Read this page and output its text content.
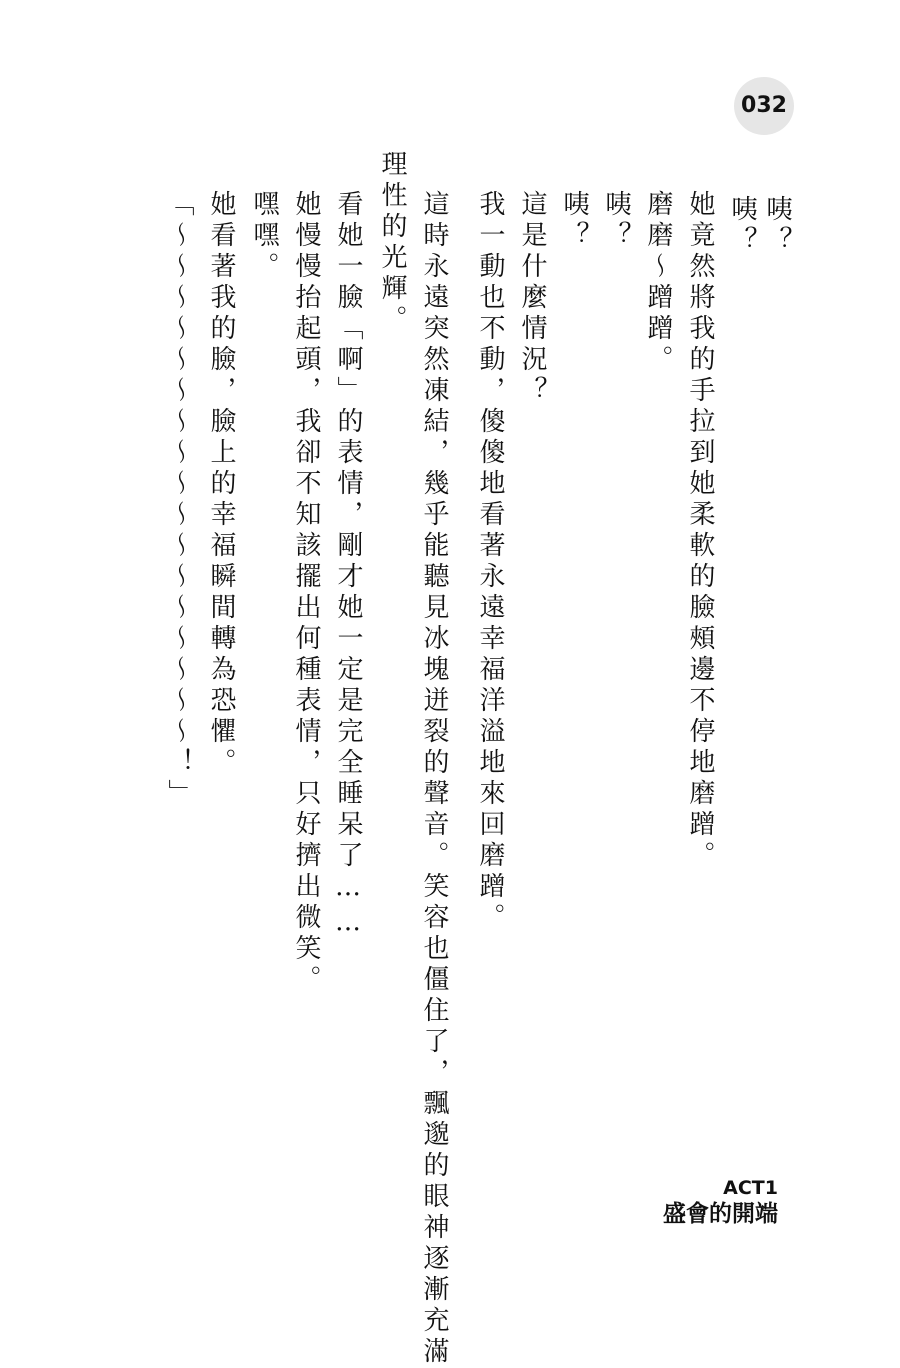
032
咦？
咦？
她竟然將我的手拉到她柔軟的臉頰邊不停地磨蹭。
磨磨～蹭蹭。
咦？
咦？
這是什麼情況？
我一動也不動，傻傻地看著永遠幸福洋溢地來回磨蹭。
這時永遠突然凍結，幾乎能聽見冰塊迸裂的聲音。笑容也僵住了，飄邈的眼神逐漸充滿
理性的光輝。
看她一臉「啊」的表情，剛才她一定是完全睡呆了……
她慢慢抬起頭，我卻不知該擺出何種表情，只好擠出微笑。
嘿嘿。
她看著我的臉，臉上的幸福瞬間轉為恐懼。
「～～～～～～～～～～～～～～～～～！」
ACT1
盛會的開端
